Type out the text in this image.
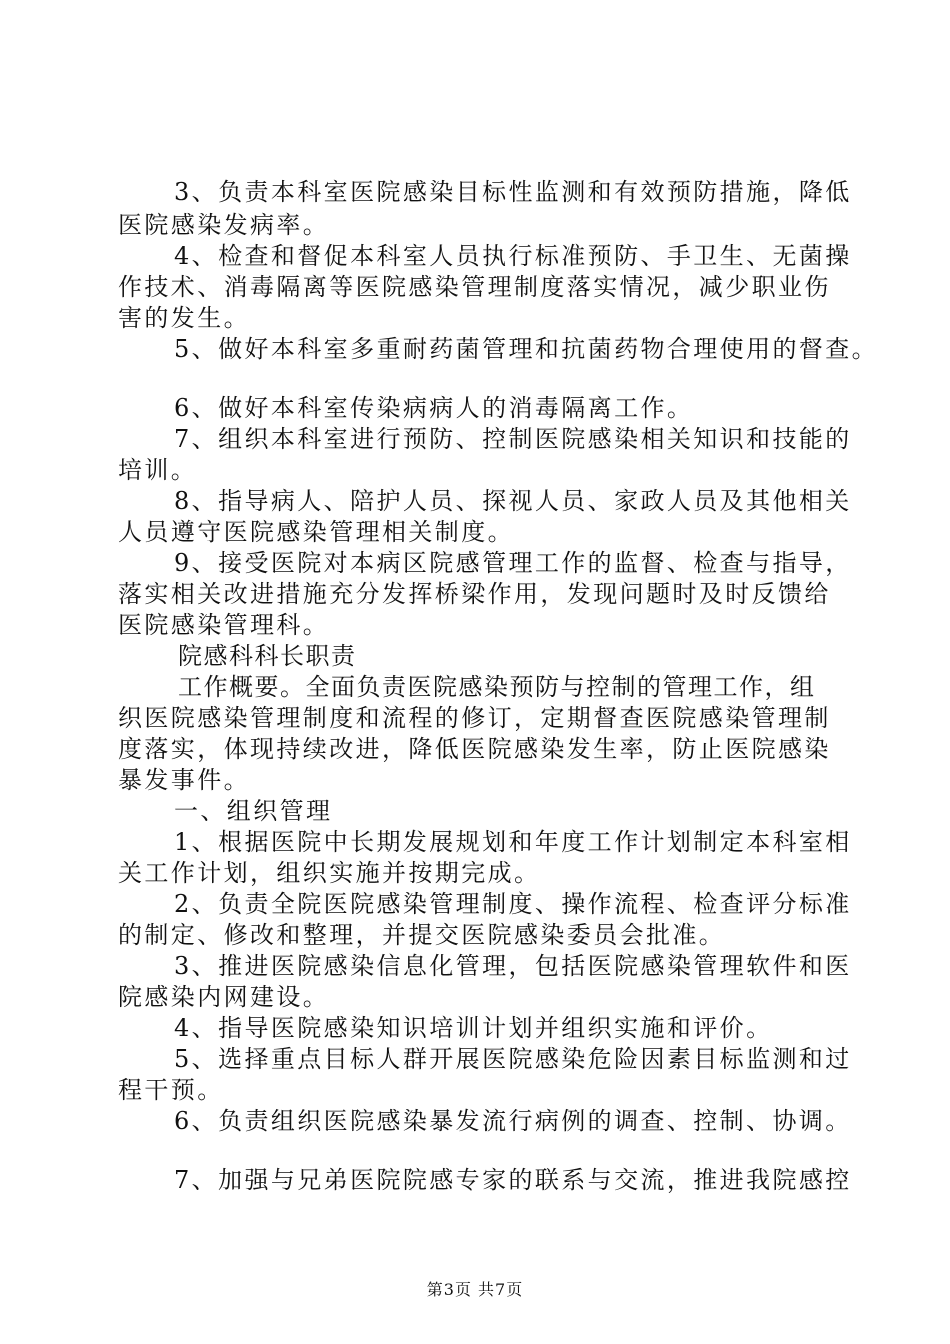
3、负责本科室医院感染目标性监测和有效预防措施，降低
医院感染发病率。
4、检查和督促本科室人员执行标准预防、手卫生、无菌操
作技术、消毒隔离等医院感染管理制度落实情况，减少职业伤
害的发生。
5、做好本科室多重耐药菌管理和抗菌药物合理使用的督查。
6、做好本科室传染病病人的消毒隔离工作。
7、组织本科室进行预防、控制医院感染相关知识和技能的
培训。
8、指导病人、陪护人员、探视人员、家政人员及其他相关
人员遵守医院感染管理相关制度。
9、接受医院对本病区院感管理工作的监督、检查与指导，
落实相关改进措施充分发挥桥梁作用，发现问题时及时反馈给
医院感染管理科。
院感科科长职责
工作概要。全面负责医院感染预防与控制的管理工作，组
织医院感染管理制度和流程的修订，定期督查医院感染管理制
度落实，体现持续改进，降低医院感染发生率，防止医院感染
暴发事件。
一、组织管理
1、根据医院中长期发展规划和年度工作计划制定本科室相
关工作计划，组织实施并按期完成。
2、负责全院医院感染管理制度、操作流程、检查评分标准
的制定、修改和整理，并提交医院感染委员会批准。
3、推进医院感染信息化管理，包括医院感染管理软件和医
院感染内网建设。
4、指导医院感染知识培训计划并组织实施和评价。
5、选择重点目标人群开展医院感染危险因素目标监测和过
程干预。
6、负责组织医院感染暴发流行病例的调查、控制、协调。
7、加强与兄弟医院院感专家的联系与交流，推进我院感控
第3页 共7页
